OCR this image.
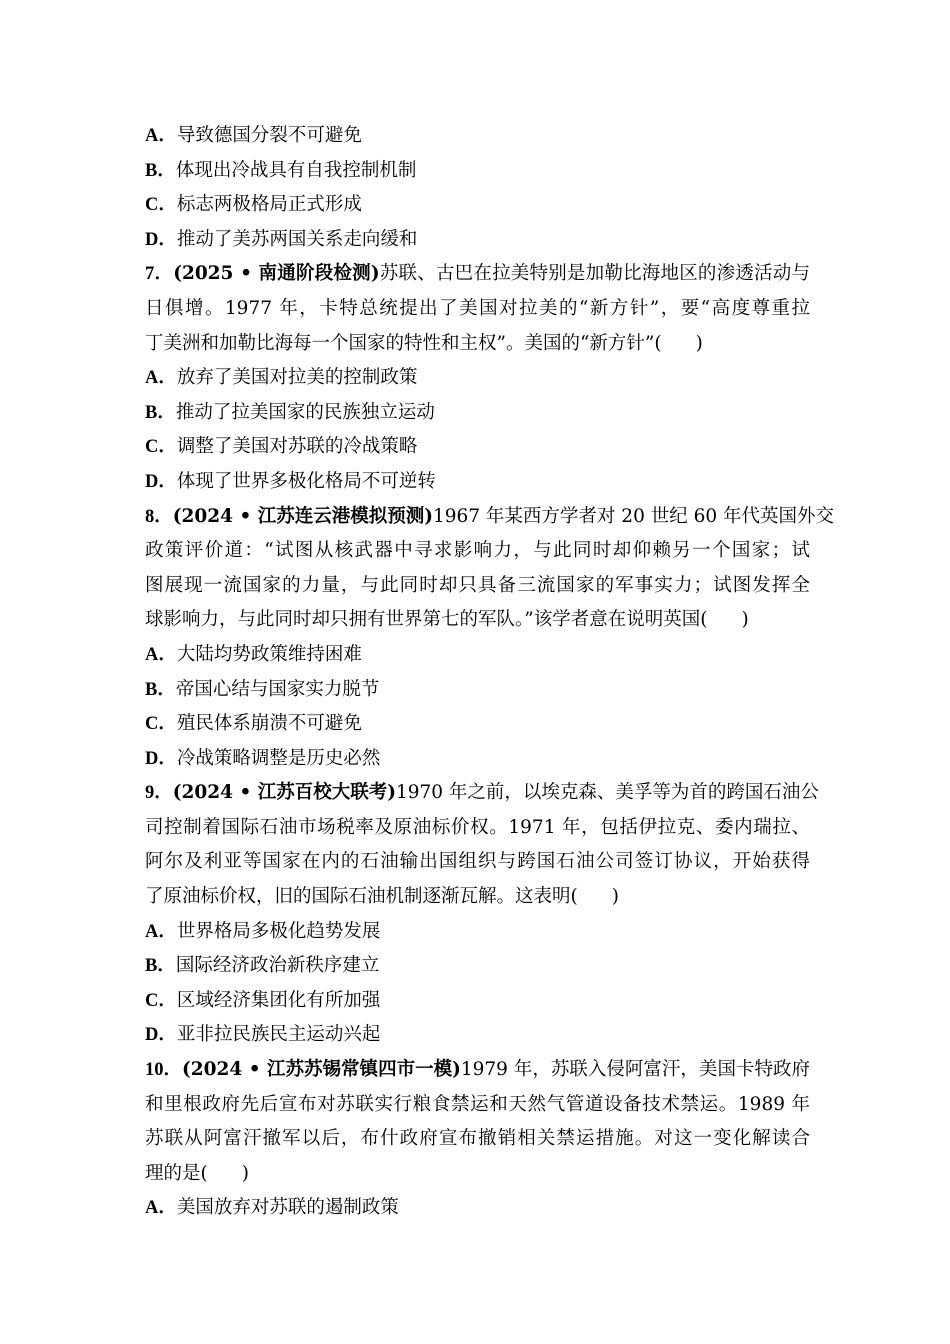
A．导致德国分裂不可避免
B．体现出冷战具有自我控制机制
C．标志两极格局正式形成
D．推动了美苏两国关系走向缓和
7．(2025 • 南通阶段检测)苏联、古巴在拉美特别是加勒比海地区的渗透活动与
日俱增。1977 年，卡特总统提出了美国对拉美的“新方针”，要“高度尊重拉
丁美洲和加勒比海每一个国家的特性和主权”。美国的“新方针”( )
A．放弃了美国对拉美的控制政策
B．推动了拉美国家的民族独立运动
C．调整了美国对苏联的冷战策略
D．体现了世界多极化格局不可逆转
8．(2024 • 江苏连云港模拟预测)1967 年某西方学者对 20 世纪 60 年代英国外交
政策评价道：“试图从核武器中寻求影响力，与此同时却仰赖另一个国家；试
图展现一流国家的力量，与此同时却只具备三流国家的军事实力；试图发挥全
球影响力，与此同时却只拥有世界第七的军队。”该学者意在说明英国( )
A．大陆均势政策维持困难
B．帝国心结与国家实力脱节
C．殖民体系崩溃不可避免
D．冷战策略调整是历史必然
9．(2024 • 江苏百校大联考)1970 年之前，以埃克森、美孚等为首的跨国石油公
司控制着国际石油市场税率及原油标价权。1971 年，包括伊拉克、委内瑞拉、
阿尔及利亚等国家在内的石油输出国组织与跨国石油公司签订协议，开始获得
了原油标价权，旧的国际石油机制逐渐瓦解。这表明( )
A．世界格局多极化趋势发展
B．国际经济政治新秩序建立
C．区域经济集团化有所加强
D．亚非拉民族民主运动兴起
10．(2024 • 江苏苏锡常镇四市一模)1979 年，苏联入侵阿富汗，美国卡特政府
和里根政府先后宣布对苏联实行粮食禁运和天然气管道设备技术禁运。1989 年
苏联从阿富汗撤军以后，布什政府宣布撤销相关禁运措施。对这一变化解读合
理的是( )
A．美国放弃对苏联的遏制政策
